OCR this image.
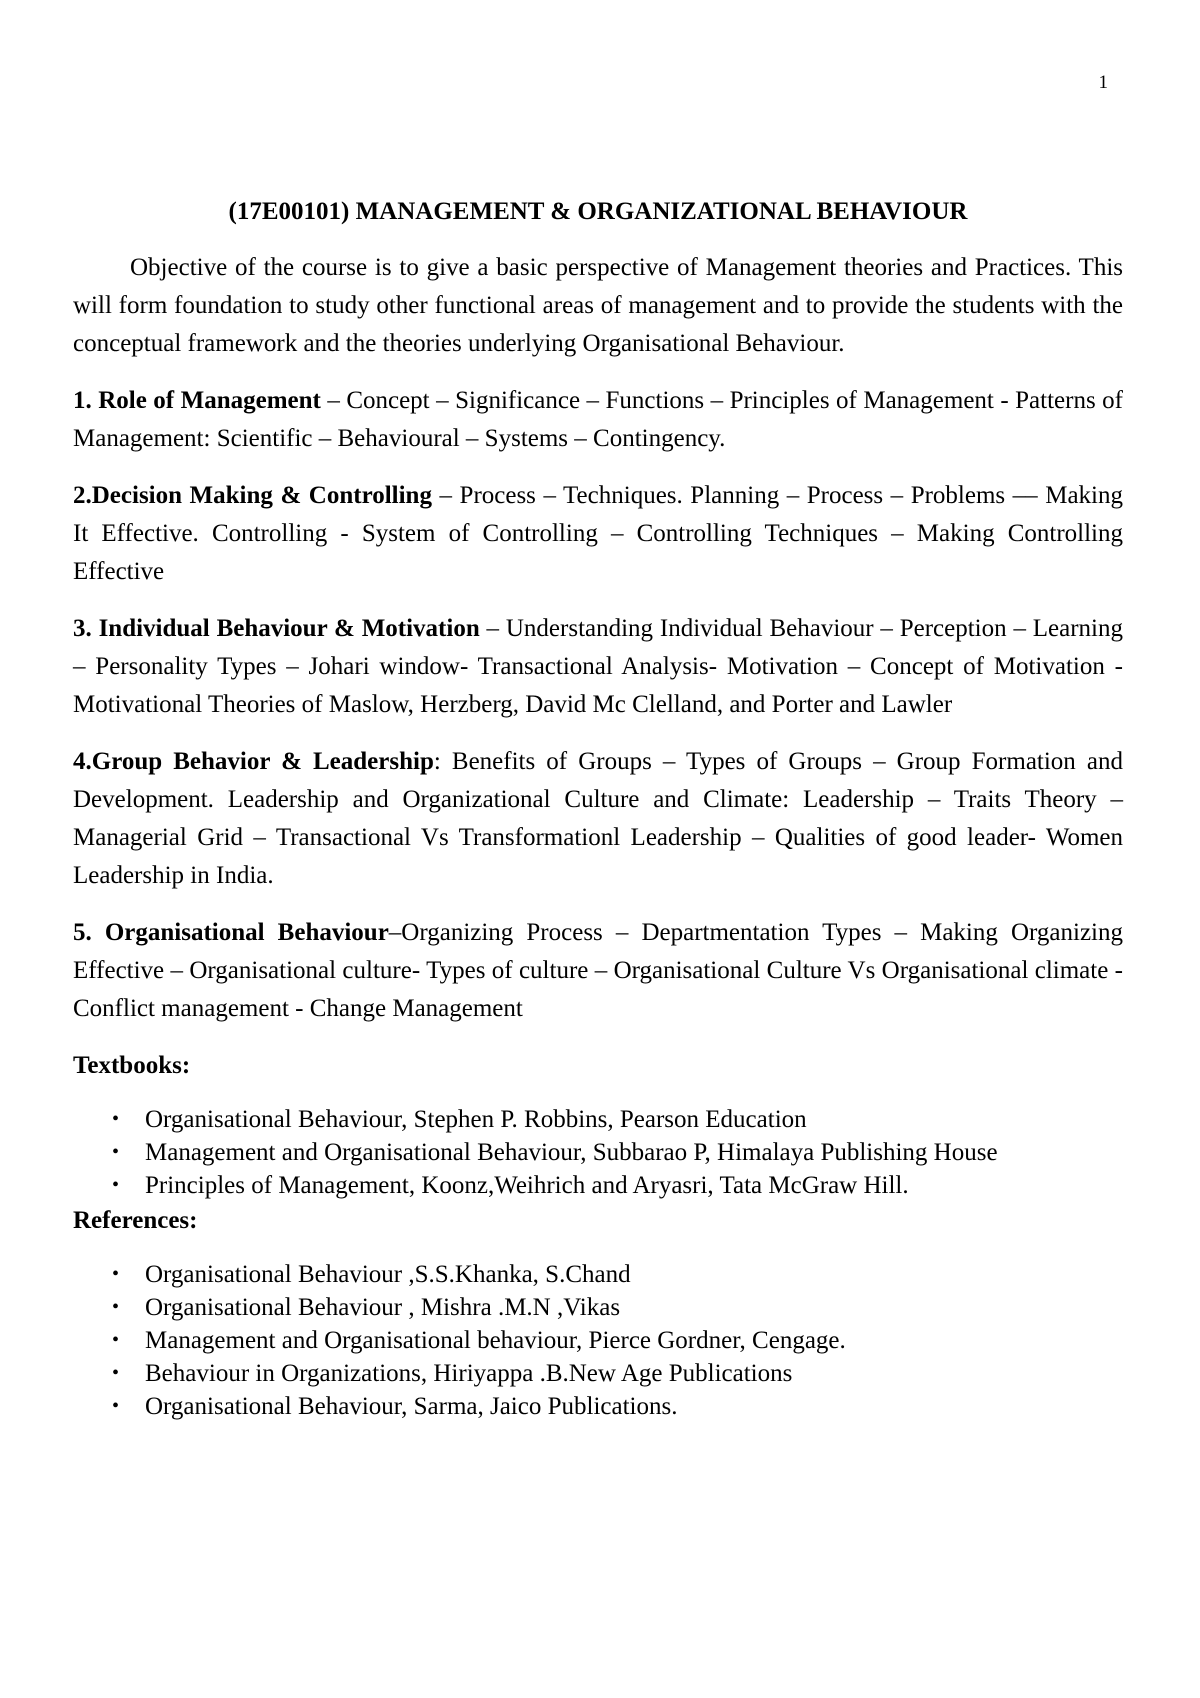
1
(17E00101) MANAGEMENT & ORGANIZATIONAL BEHAVIOUR

Objective of the course is to give a basic perspective of Management theories and Practices. This will form foundation to study other functional areas of management and to provide the students with the conceptual framework and the theories underlying Organisational Behaviour.

1. Role of Management – Concept – Significance – Functions – Principles of Management - Patterns of Management: Scientific – Behavioural – Systems – Contingency.

2.Decision Making & Controlling – Process – Techniques. Planning – Process – Problems –– Making It Effective. Controlling - System of Controlling – Controlling Techniques – Making Controlling Effective

3. Individual Behaviour & Motivation – Understanding Individual Behaviour – Perception – Learning – Personality Types – Johari window- Transactional Analysis- Motivation – Concept of Motivation - Motivational Theories of Maslow, Herzberg, David Mc Clelland, and Porter and Lawler

4.Group Behavior & Leadership: Benefits of Groups – Types of Groups – Group Formation and Development. Leadership and Organizational Culture and Climate: Leadership – Traits Theory – Managerial Grid – Transactional Vs Transformationl Leadership – Qualities of good leader- Women Leadership in India.

5. Organisational Behaviour–Organizing Process – Departmentation Types – Making Organizing Effective – Organisational culture- Types of culture – Organisational Culture Vs Organisational climate - Conflict management - Change Management

Textbooks:
• Organisational Behaviour, Stephen P. Robbins, Pearson Education
• Management and Organisational Behaviour, Subbarao P, Himalaya Publishing House
• Principles of Management, Koonz,Weihrich and Aryasri, Tata McGraw Hill.
References:
• Organisational Behaviour ,S.S.Khanka, S.Chand
• Organisational Behaviour , Mishra .M.N ,Vikas
• Management and Organisational behaviour, Pierce Gordner, Cengage.
• Behaviour in Organizations, Hiriyappa .B.New Age Publications
• Organisational Behaviour, Sarma, Jaico Publications.
